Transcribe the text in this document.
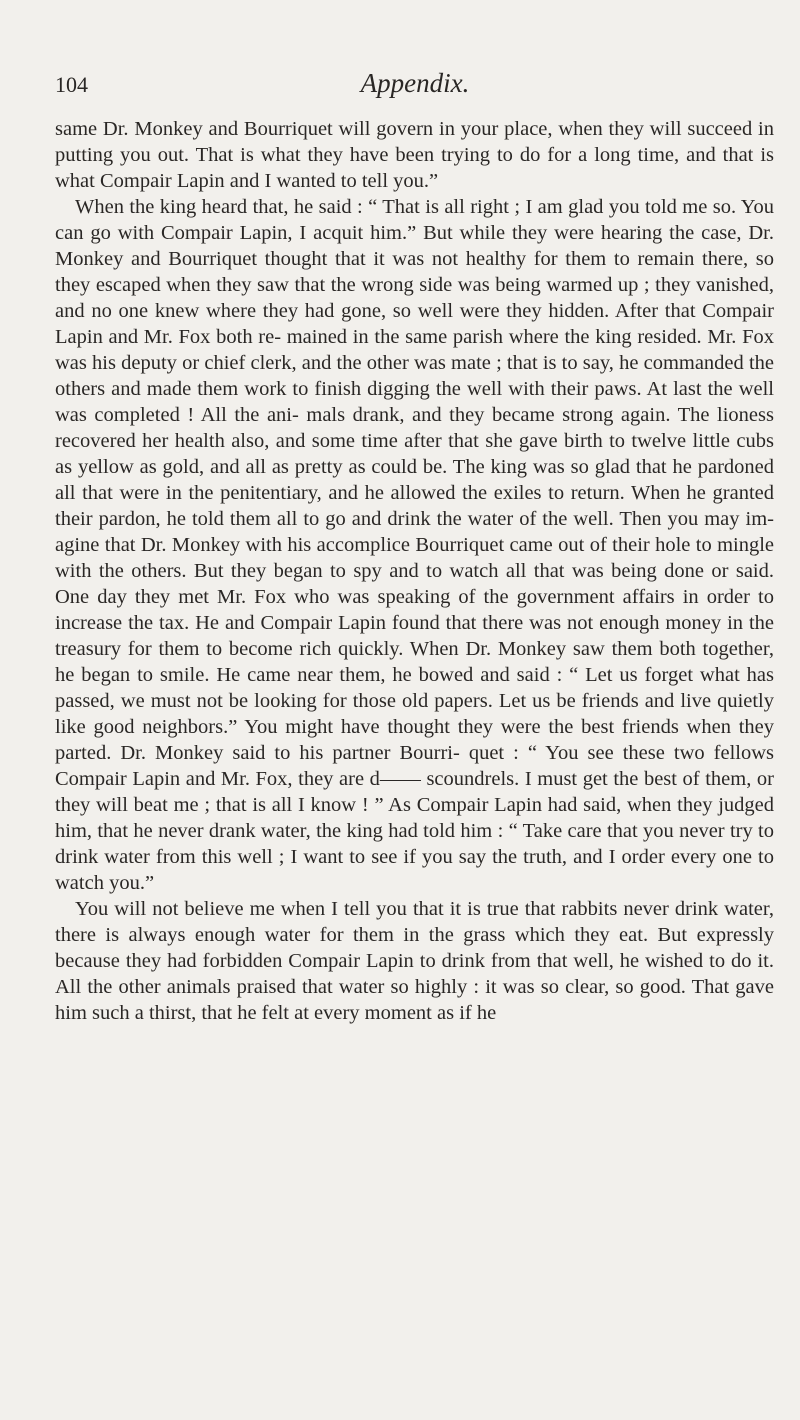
104	Appendix.

same Dr. Monkey and Bourriquet will govern in your place, when they will succeed in putting you out. That is what they have been trying to do for a long time, and that is what Compair Lapin and I wanted to tell you.”

When the king heard that, he said : “ That is all right ; I am glad you told me so. You can go with Compair Lapin, I acquit him.” But while they were hearing the case, Dr. Monkey and Bourriquet thought that it was not healthy for them to remain there, so they escaped when they saw that the wrong side was being warmed up ; they vanished, and no one knew where they had gone, so well were they hidden. After that Compair Lapin and Mr. Fox both re- mained in the same parish where the king resided. Mr. Fox was his deputy or chief clerk, and the other was mate ; that is to say, he commanded the others and made them work to finish digging the well with their paws. At last the well was completed ! All the ani- mals drank, and they became strong again. The lioness recovered her health also, and some time after that she gave birth to twelve little cubs as yellow as gold, and all as pretty as could be. The king was so glad that he pardoned all that were in the penitentiary, and he allowed the exiles to return. When he granted their pardon, he told them all to go and drink the water of the well. Then you may im- agine that Dr. Monkey with his accomplice Bourriquet came out of their hole to mingle with the others. But they began to spy and to watch all that was being done or said. One day they met Mr. Fox who was speaking of the government affairs in order to increase the tax. He and Compair Lapin found that there was not enough money in the treasury for them to become rich quickly. When Dr. Monkey saw them both together, he began to smile. He came near them, he bowed and said : “ Let us forget what has passed, we must not be looking for those old papers. Let us be friends and live quietly like good neighbors.” You might have thought they were the best friends when they parted. Dr. Monkey said to his partner Bourri- quet : “ You see these two fellows Compair Lapin and Mr. Fox, they are d—— scoundrels. I must get the best of them, or they will beat me ; that is all I know ! ” As Compair Lapin had said, when they judged him, that he never drank water, the king had told him : “ Take care that you never try to drink water from this well ; I want to see if you say the truth, and I order every one to watch you.”

You will not believe me when I tell you that it is true that rabbits never drink water, there is always enough water for them in the grass which they eat. But expressly because they had forbidden Compair Lapin to drink from that well, he wished to do it. All the other animals praised that water so highly : it was so clear, so good. That gave him such a thirst, that he felt at every moment as if he
